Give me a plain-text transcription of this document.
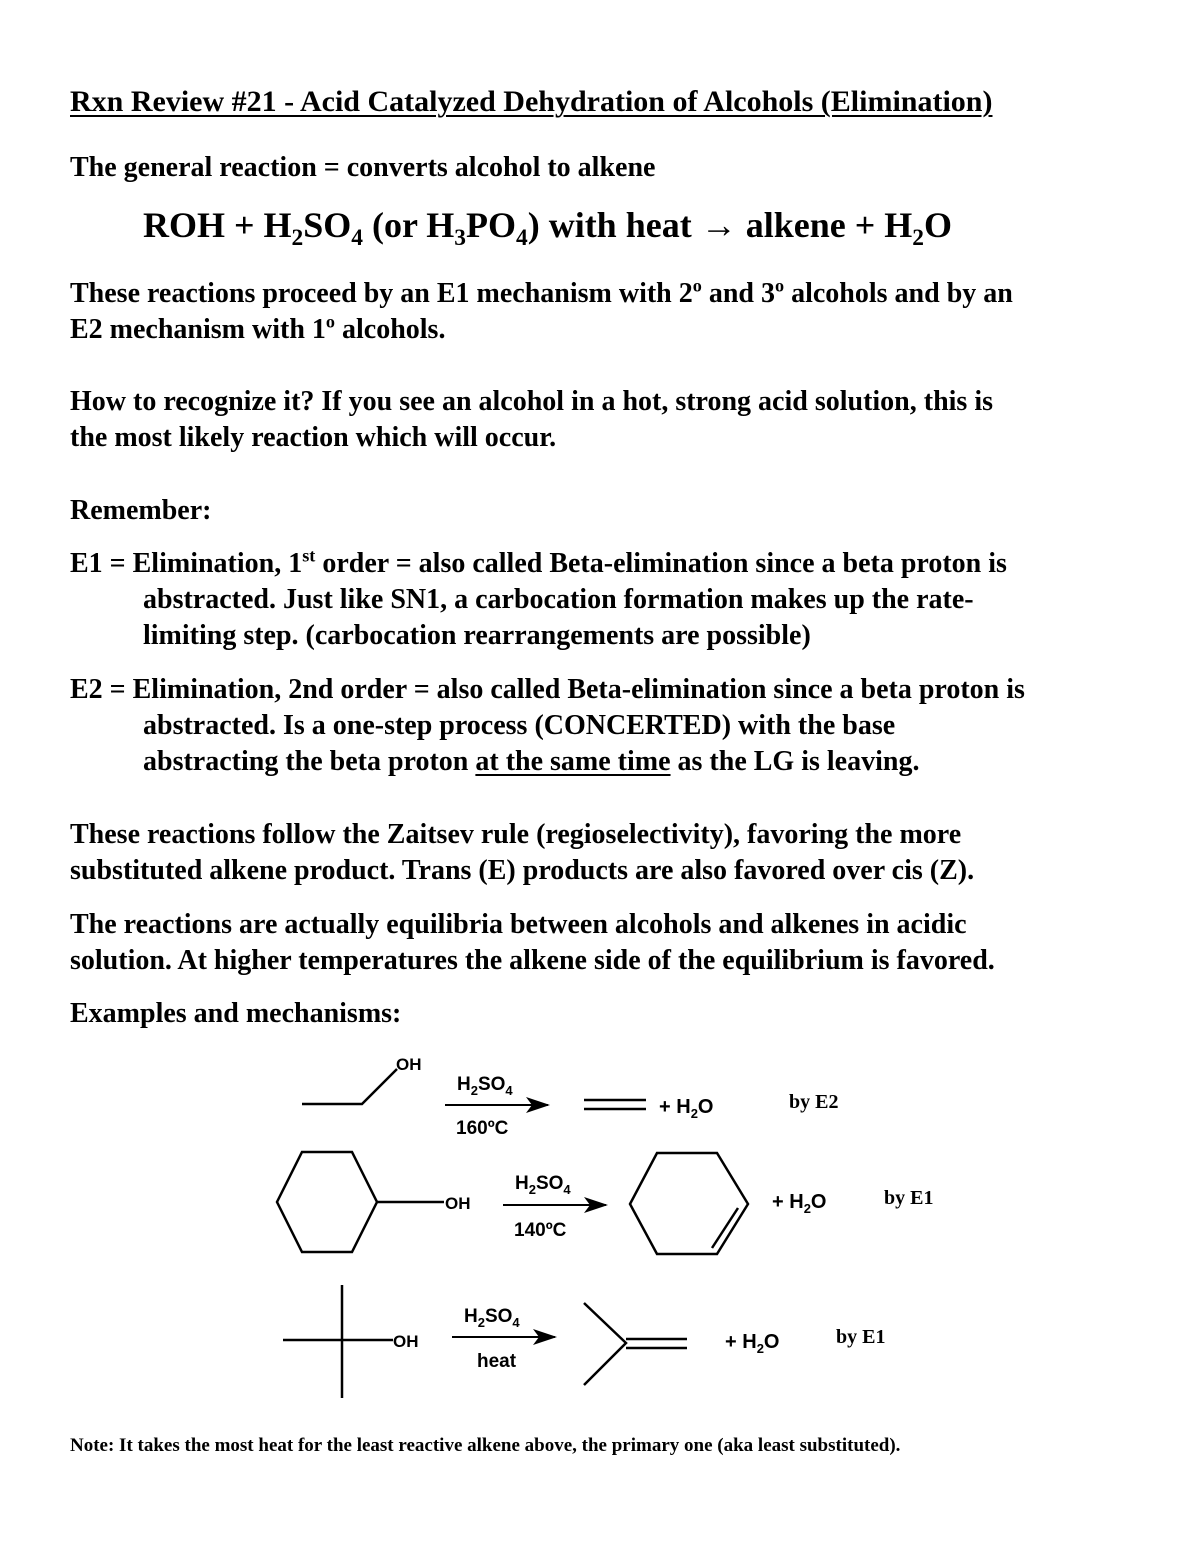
Rxn Review #21 - Acid Catalyzed Dehydration of Alcohols (Elimination)
The general reaction = converts alcohol to alkene
ROH + $H_2SO_4$ (or $H_3PO_4$) with heat → alkene + $H_2O$
These reactions proceed by an E1 mechanism with 2$^o$ and 3$^o$ alcohols and by an
E2 mechanism with 1$^o$ alcohols.
How to recognize it? If you see an alcohol in a hot, strong acid solution, this is
the most likely reaction which will occur.
Remember:
E1 = Elimination, 1st order = also called Beta-elimination since a beta proton is
abstracted. Just like SN1, a carbocation formation makes up the rate-
limiting step. (carbocation rearrangements are possible)
E2 = Elimination, 2nd order = also called Beta-elimination since a beta proton is
abstracted. Is a one-step process (CONCERTED) with the base
abstracting the beta proton at the same time as the LG is leaving.
These reactions follow the Zaitsev rule (regioselectivity), favoring the more
substituted alkene product. Trans (E) products are also favored over cis (Z).
The reactions are actually equilibria between alcohols and alkenes in acidic
solution. At higher temperatures the alkene side of the equilibrium is favored.
Examples and mechanisms:
OH
$H_2SO_4$
160ºC
+ $H_2O$	by E2
OH
$H_2SO_4$
140ºC
+ $H_2O$	by E1
OH
$H_2SO_4$
heat
+ $H_2O$	by E1
Note: It takes the most heat for the least reactive alkene above, the primary one (aka least substituted).
